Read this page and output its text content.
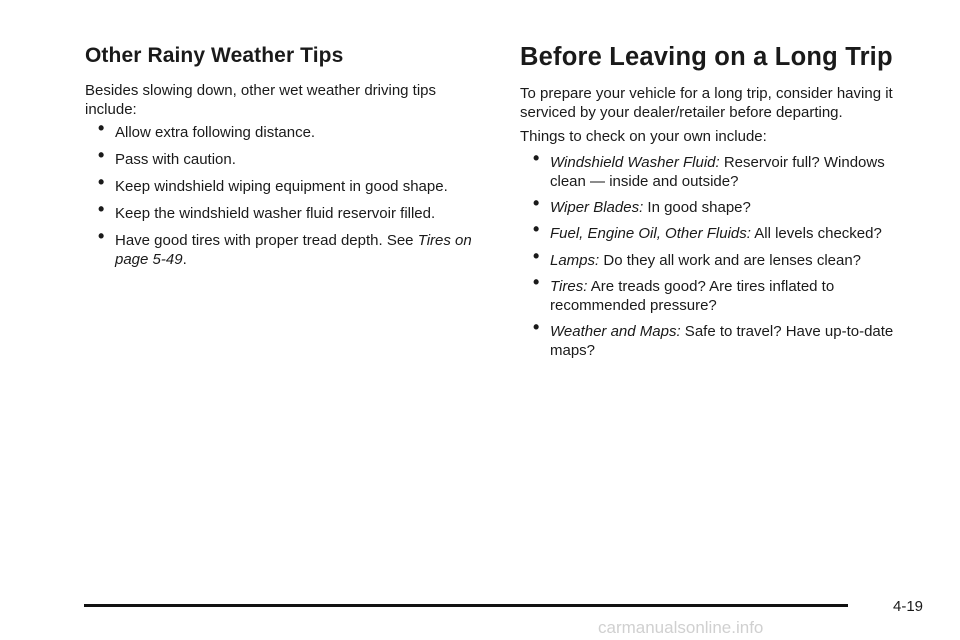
Other Rainy Weather Tips

Besides slowing down, other wet weather driving tips include:

• Allow extra following distance.
• Pass with caution.
• Keep windshield wiping equipment in good shape.
• Keep the windshield washer fluid reservoir filled.
• Have good tires with proper tread depth. See Tires on page 5-49.
Before Leaving on a Long Trip

To prepare your vehicle for a long trip, consider having it serviced by your dealer/retailer before departing.

Things to check on your own include:

• Windshield Washer Fluid: Reservoir full? Windows clean — inside and outside?
• Wiper Blades: In good shape?
• Fuel, Engine Oil, Other Fluids: All levels checked?
• Lamps: Do they all work and are lenses clean?
• Tires: Are treads good? Are tires inflated to recommended pressure?
• Weather and Maps: Safe to travel? Have up-to-date maps?
4-19
carmanualsonline.info
